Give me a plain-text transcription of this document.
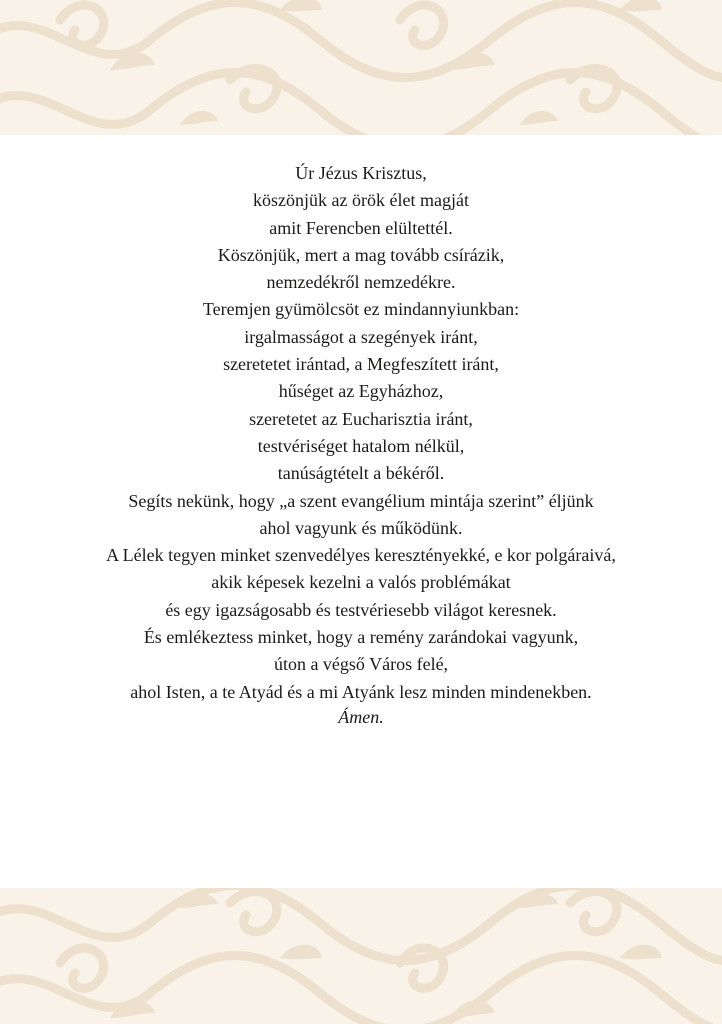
Úr Jézus Krisztus,
köszönjük az örök élet magját
amit Ferencben elültettél.
Köszönjük, mert a mag tovább csírázik,
nemzedékről nemzedékre.
Teremjen gyümölcsöt ez mindannyiunkban:
irgalmasságot a szegények iránt,
szeretetet irántad, a Megfeszített iránt,
hűséget az Egyházhoz,
szeretetet az Eucharisztia iránt,
testvériséget hatalom nélkül,
tanúságtételt a békéről.
Segíts nekünk, hogy „a szent evangélium mintája szerint” éljünk
ahol vagyunk és működünk.
A Lélek tegyen minket szenvedélyes keresztényekké, e kor polgáraivá,
akik képesek kezelni a valós problémákat
és egy igazságosabb és testvériesebb világot keresnek.
És emlékeztess minket, hogy a remény zarándokai vagyunk,
úton a végső Város felé,
ahol Isten, a te Atyád és a mi Atyánk lesz minden mindenekben.
Ámen.
